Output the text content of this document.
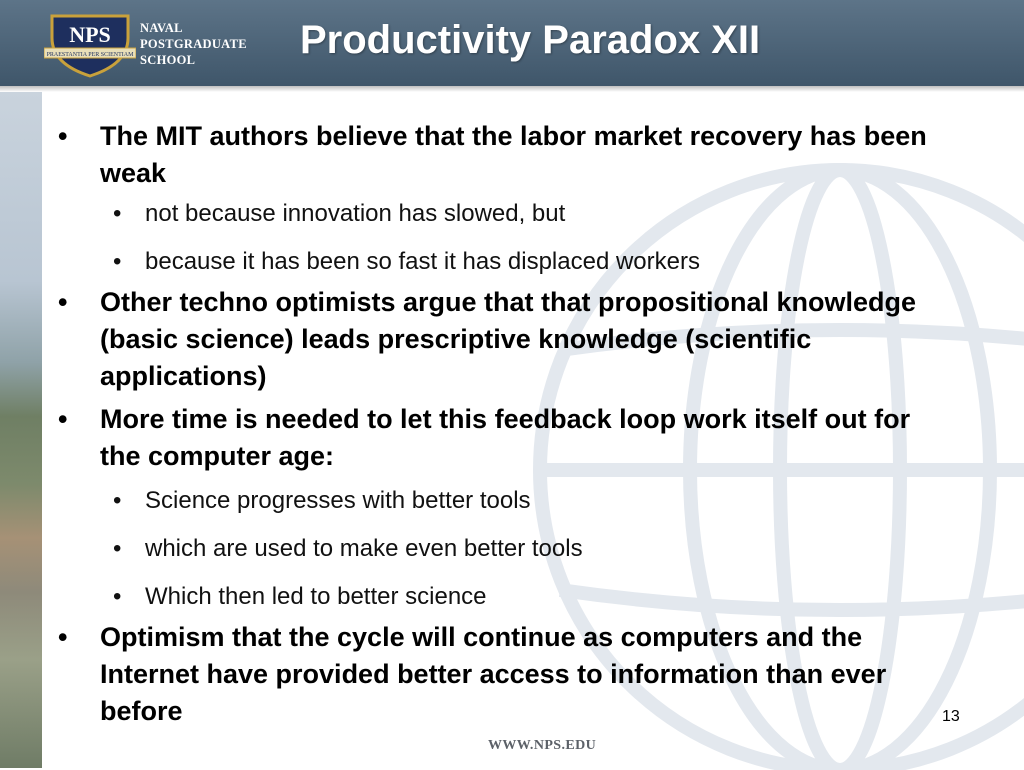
NPS
PRAESTANTIA PER SCIENTIAM
NAVAL
POSTGRADUATE
SCHOOL	Productivity Paradox XII
•	The MIT authors believe that the labor market recovery has been weak
• not because innovation has slowed, but
• because it has been so fast it has displaced workers
•	Other techno optimists argue that that propositional knowledge (basic science) leads prescriptive knowledge (scientific applications)
•	More time is needed to let this feedback loop work itself out for the computer age:
• Science progresses with better tools
• which are used to make even better tools
• Which then led to better science
•	Optimism that the cycle will continue as computers and the Internet have provided better access to information than ever before	13
WWW.NPS.EDU
